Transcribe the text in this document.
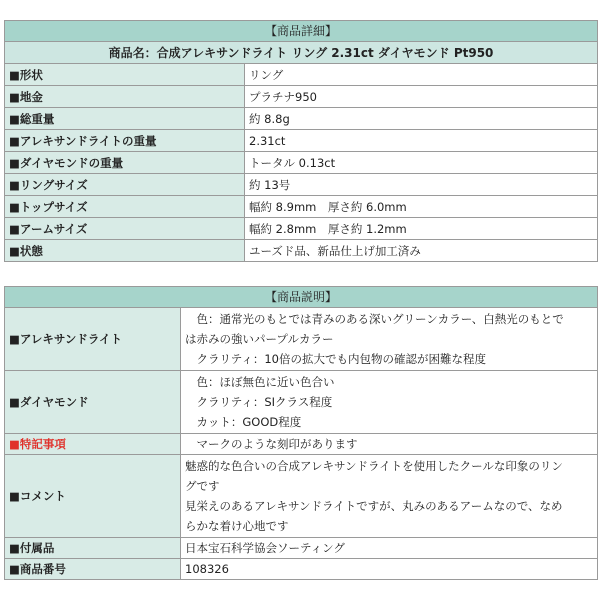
【商品詳細】	
商品名：合成アレキサンドライト リング 2.31ct ダイヤモンド Pt950	
■形状	リング
■地金	プラチナ950
■総重量	約 8.8g
■アレキサンドライトの重量	2.31ct
■ダイヤモンドの重量	トータル 0.13ct
■リングサイズ	約 13号
■トップサイズ	幅約 8.9mm　厚さ約 6.0mm
■アームサイズ	幅約 2.8mm　厚さ約 1.2mm
■状態	ユーズド品、新品仕上げ加工済み
【商品説明】	
■アレキサンドライト	　色：通常光のもとでは青みのある深いグリーンカラー、白熱光のもとで
は赤みの強いパープルカラー
　クラリティ：10倍の拡大でも内包物の確認が困難な程度

■ダイヤモンド	　色：ほぼ無色に近い色合い
　クラリティ：SIクラス程度
　カット：GOOD程度

■特記事項	　マークのような刻印があります
■コメント	魅惑的な色合いの合成アレキサンドライトを使用したクールな印象のリン
グです
見栄えのあるアレキサンドライトですが、丸みのあるアームなので、なめ
らかな着け心地です

■付属品	日本宝石科学協会ソーティング
■商品番号	108326
